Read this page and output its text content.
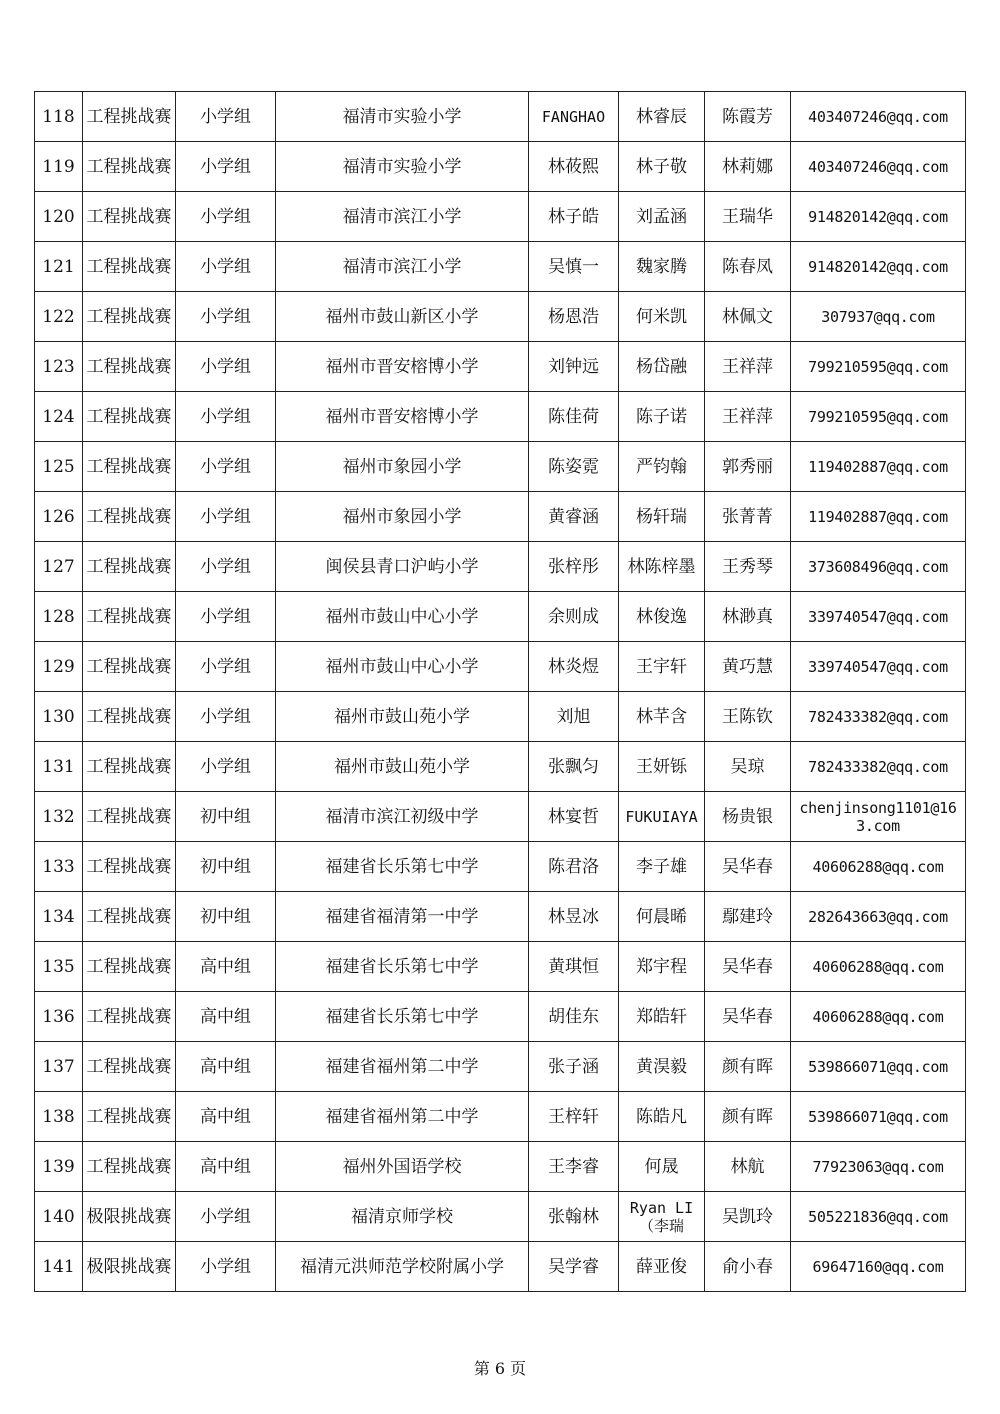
118	工程挑战赛	小学组	福清市实验小学	FANGHAO	林睿辰	陈霞芳	403407246@qq.com
119	工程挑战赛	小学组	福清市实验小学	林莜熙	林子敬	林莉娜	403407246@qq.com
120	工程挑战赛	小学组	福清市滨江小学	林子皓	刘孟涵	王瑞华	914820142@qq.com
121	工程挑战赛	小学组	福清市滨江小学	吴慎一	魏家腾	陈春凤	914820142@qq.com
122	工程挑战赛	小学组	福州市鼓山新区小学	杨恩浩	何米凯	林佩文	307937@qq.com
123	工程挑战赛	小学组	福州市晋安榕博小学	刘钟远	杨岱融	王祥萍	799210595@qq.com
124	工程挑战赛	小学组	福州市晋安榕博小学	陈佳荷	陈子诺	王祥萍	799210595@qq.com
125	工程挑战赛	小学组	福州市象园小学	陈姿霓	严钧翰	郭秀丽	119402887@qq.com
126	工程挑战赛	小学组	福州市象园小学	黄睿涵	杨轩瑞	张菁菁	119402887@qq.com
127	工程挑战赛	小学组	闽侯县青口沪屿小学	张梓彤	林陈梓墨	王秀琴	373608496@qq.com
128	工程挑战赛	小学组	福州市鼓山中心小学	余则成	林俊逸	林渺真	339740547@qq.com
129	工程挑战赛	小学组	福州市鼓山中心小学	林炎煜	王宇轩	黄巧慧	339740547@qq.com
130	工程挑战赛	小学组	福州市鼓山苑小学	刘旭	林芊含	王陈钦	782433382@qq.com
131	工程挑战赛	小学组	福州市鼓山苑小学	张飘匀	王妍铄	吴琼	782433382@qq.com
132	工程挑战赛	初中组	福清市滨江初级中学	林宴哲	FUKUIAYA	杨贵银	chenjinsong1101@163.com
133	工程挑战赛	初中组	福建省长乐第七中学	陈君洛	李子雄	吴华春	40606288@qq.com
134	工程挑战赛	初中组	福建省福清第一中学	林昱冰	何晨晞	鄢建玲	282643663@qq.com
135	工程挑战赛	高中组	福建省长乐第七中学	黄琪恒	郑宇程	吴华春	40606288@qq.com
136	工程挑战赛	高中组	福建省长乐第七中学	胡佳东	郑皓轩	吴华春	40606288@qq.com
137	工程挑战赛	高中组	福建省福州第二中学	张子涵	黄淏毅	颜有晖	539866071@qq.com
138	工程挑战赛	高中组	福建省福州第二中学	王梓轩	陈皓凡	颜有晖	539866071@qq.com
139	工程挑战赛	高中组	福州外国语学校	王李睿	何晟	林航	77923063@qq.com
140	极限挑战赛	小学组	福清京师学校	张翰林	Ryan LI（李瑞	吴凯玲	505221836@qq.com
141	极限挑战赛	小学组	福清元洪师范学校附属小学	吴学睿	薛亚俊	俞小春	69647160@qq.com
第 6 页
